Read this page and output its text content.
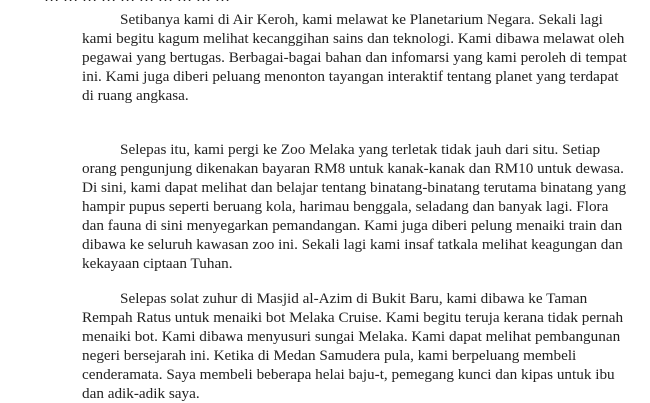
Setibanya kami di Air Keroh, kami melawat ke Planetarium Negara. Sekali lagi
kami begitu kagum melihat kecanggihan sains dan teknologi. Kami dibawa melawat oleh
pegawai yang bertugas. Berbagai-bagai bahan dan infomarsi yang kami peroleh di tempat
ini. Kami juga diberi peluang menonton tayangan interaktif tentang planet yang terdapat
di ruang angkasa.
Selepas itu, kami pergi ke Zoo Melaka yang terletak tidak jauh dari situ. Setiap
orang pengunjung dikenakan bayaran RM8 untuk kanak-kanak dan RM10 untuk dewasa.
Di sini, kami dapat melihat dan belajar tentang binatang-binatang terutama binatang yang
hampir pupus seperti beruang kola, harimau benggala, seladang dan banyak lagi. Flora
dan fauna di sini menyegarkan pemandangan. Kami juga diberi pelung menaiki train dan
dibawa ke seluruh kawasan zoo ini. Sekali lagi kami insaf tatkala melihat keagungan dan
kekayaan ciptaan Tuhan.
Selepas solat zuhur di Masjid al-Azim di Bukit Baru, kami dibawa ke Taman
Rempah Ratus untuk menaiki bot Melaka Cruise. Kami begitu teruja kerana tidak pernah
menaiki bot. Kami dibawa menyusuri sungai Melaka. Kami dapat melihat pembangunan
negeri bersejarah ini. Ketika di Medan Samudera pula, kami berpeluang membeli
cenderamata. Saya membeli beberapa helai baju-t, pemegang kunci dan kipas untuk ibu
dan adik-adik saya.
